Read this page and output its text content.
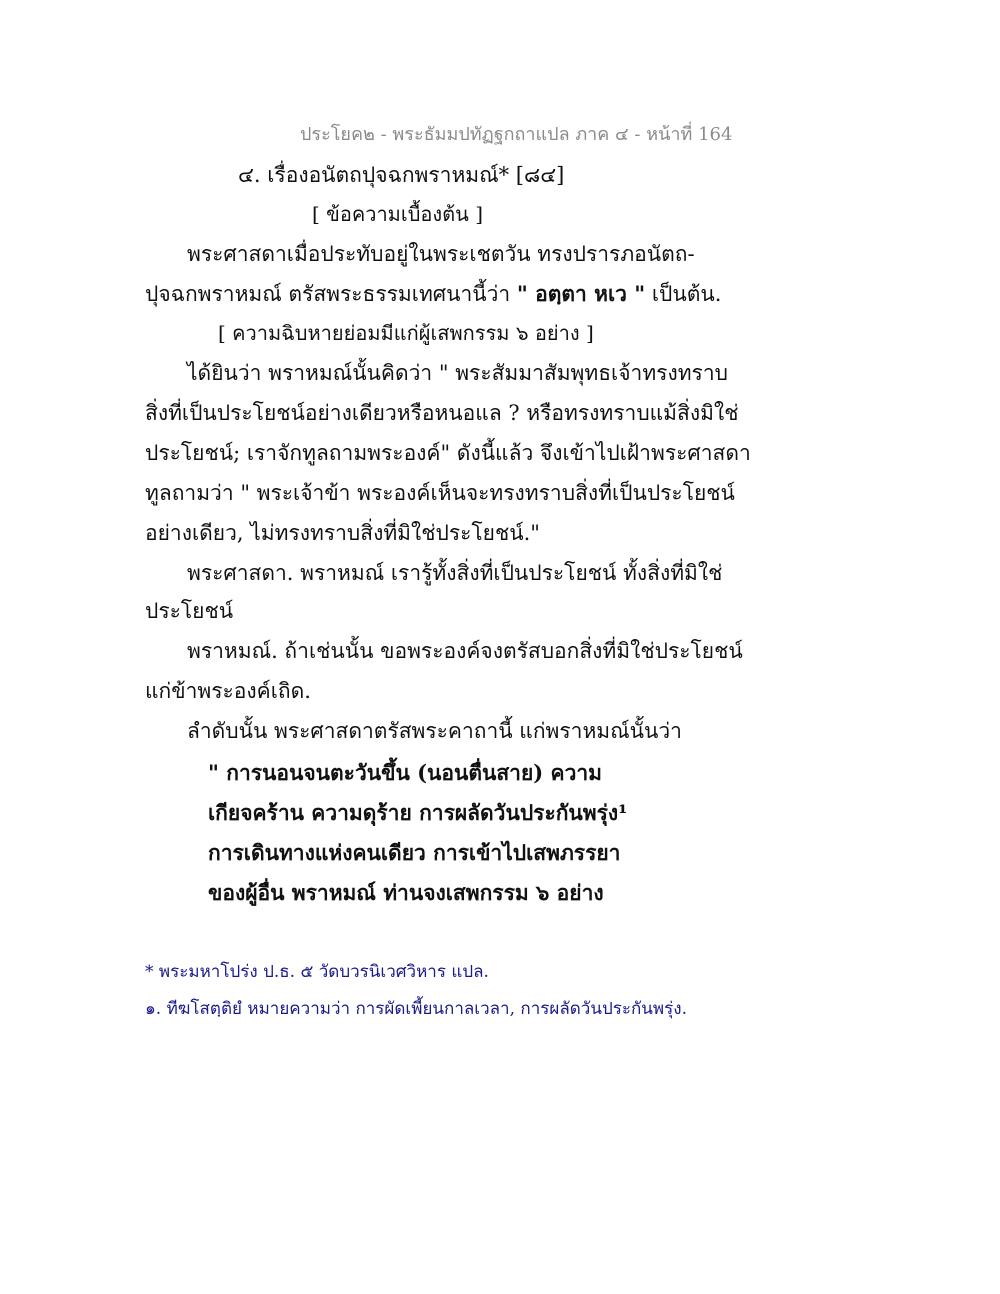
ประโยค๒ - พระธัมมปทัฏฐกถาแปล ภาค ๔ - หน้าที่ 164
๔. เรื่องอนัตถปุจฉกพราหมณ์* [๘๔]
[ ข้อความเบื้องต้น ]
พระศาสดาเมื่อประทับอยู่ในพระเชตวัน ทรงปรารภอนัตถ-
ปุจฉกพราหมณ์ ตรัสพระธรรมเทศนานี้ว่า " อตฺตา หเว " เป็นต้น.
[ ความฉิบหายย่อมมีแก่ผู้เสพกรรม ๖ อย่าง ]
ได้ยินว่า พราหมณ์นั้นคิดว่า " พระสัมมาสัมพุทธเจ้าทรงทราบ
สิ่งที่เป็นประโยชน์อย่างเดียวหรือหนอแล ? หรือทรงทราบแม้สิ่งมิใช่
ประโยชน์; เราจักทูลถามพระองค์" ดังนี้แล้ว จึงเข้าไปเฝ้าพระศาสดา
ทูลถามว่า " พระเจ้าข้า พระองค์เห็นจะทรงทราบสิ่งที่เป็นประโยชน์
อย่างเดียว, ไม่ทรงทราบสิ่งที่มิใช่ประโยชน์."
พระศาสดา. พราหมณ์ เรารู้ทั้งสิ่งที่เป็นประโยชน์ ทั้งสิ่งที่มิใช่
ประโยชน์
พราหมณ์. ถ้าเช่นนั้น ขอพระองค์จงตรัสบอกสิ่งที่มิใช่ประโยชน์
แก่ข้าพระองค์เถิด.
ลำดับนั้น พระศาสดาตรัสพระคาถานี้ แก่พราหมณ์นั้นว่า
" การนอนจนตะวันขึ้น (นอนตื่นสาย) ความ
เกียจคร้าน ความดุร้าย การผลัดวันประกันพรุ่ง¹
การเดินทางแห่งคนเดียว การเข้าไปเสพภรรยา
ของผู้อื่น พราหมณ์ ท่านจงเสพกรรม ๖ อย่าง
* พระมหาโปร่ง ป.ธ. ๕ วัดบวรนิเวศวิหาร แปล.
๑. ทีฆโสตฺติยํ หมายความว่า การผัดเพี้ยนกาลเวลา, การผลัดวันประกันพรุ่ง.
